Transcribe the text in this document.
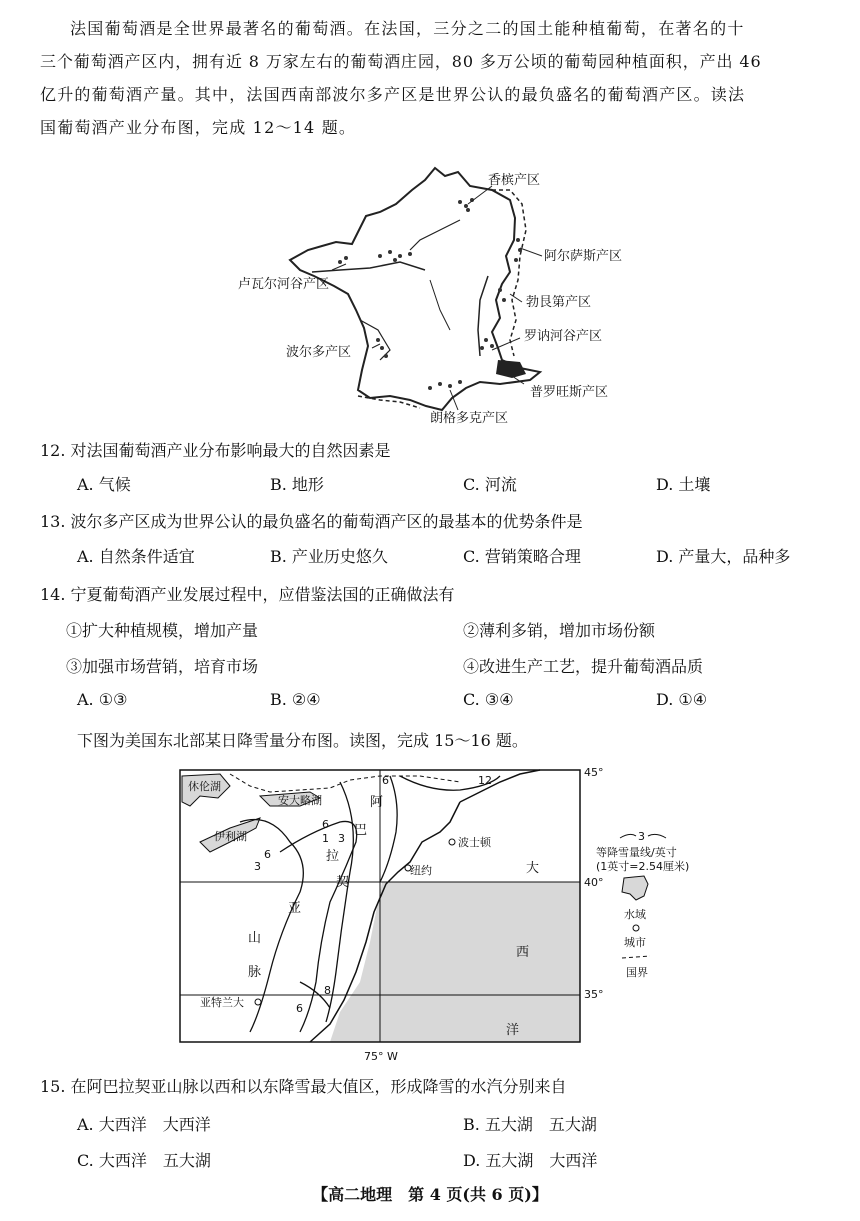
法国葡萄酒是全世界最著名的葡萄酒。在法国，三分之二的国土能种植葡萄，在著名的十
三个葡萄酒产区内，拥有近 8 万家左右的葡萄酒庄园，80 多万公顷的葡萄园种植面积，产出 46
亿升的葡萄酒产量。其中，法国西南部波尔多产区是世界公认的最负盛名的葡萄酒产区。读法
国葡萄酒产业分布图，完成 12～14 题。
香槟产区
阿尔萨斯产区
卢瓦尔河谷产区
勃艮第产区
罗讷河谷产区
波尔多产区
普罗旺斯产区
朗格多克产区
12. 对法国葡萄酒产业分布影响最大的自然因素是
A. 气候	B. 地形	C. 河流	D. 土壤
13. 波尔多产区成为世界公认的最负盛名的葡萄酒产区的最基本的优势条件是
A. 自然条件适宜	B. 产业历史悠久	C. 营销策略合理	D. 产量大，品种多
14. 宁夏葡萄酒产业发展过程中，应借鉴法国的正确做法有
①扩大种植规模，增加产量	②薄利多销，增加市场份额
③加强市场营销，培育市场	④改进生产工艺，提升葡萄酒品质
A. ①③	B. ②④	C. ③④	D. ①④
下图为美国东北部某日降雪量分布图。读图，完成 15～16 题。
休伦湖
安大略湖
伊利湖
阿
巴
拉
契
亚
山
脉
波士顿
纽约
亚特兰大
大
西
洋
45°
40°
35°
75° W
12
6
6
1 3
6
3
8
6
3
等降雪量线/英寸
(1英寸=2.54厘米)
水域
城市
国界
15. 在阿巴拉契亚山脉以西和以东降雪最大值区，形成降雪的水汽分别来自
A. 大西洋　大西洋	B. 五大湖　五大湖
C. 大西洋　五大湖	D. 五大湖　大西洋
【高二地理　第 4 页(共 6 页)】
